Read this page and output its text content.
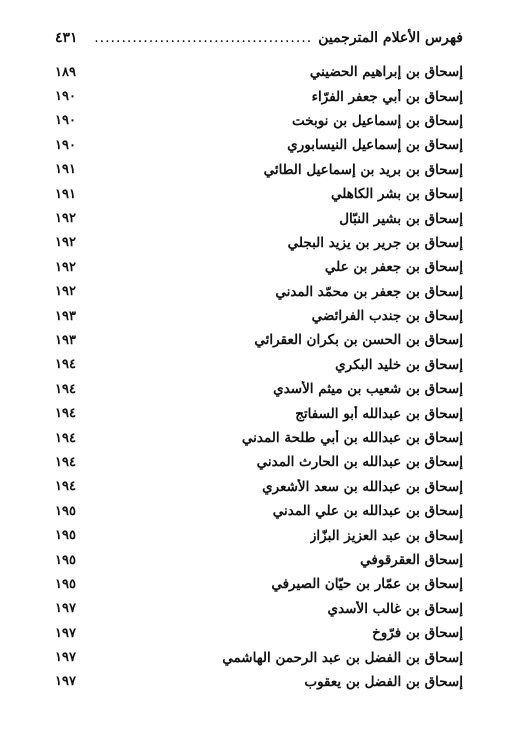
فهرس الأعلام المترجمين
........................................
٤٣١
إسحاق بن إبراهيم الحضيني
١٨٩
إسحاق بن أبي جعفر الفرّاء
١٩٠
إسحاق بن إسماعيل بن نوبخت
١٩٠
إسحاق بن إسماعيل النيسابوري
١٩٠
إسحاق بن بريد بن إسماعيل الطائي
١٩١
إسحاق بن بشر الكاهلي
١٩١
إسحاق بن بشير النبّال
١٩٢
إسحاق بن جرير بن يزيد البجلي
١٩٢
إسحاق بن جعفر بن علي
١٩٢
إسحاق بن جعفر بن محمّد المدني
١٩٢
إسحاق بن جندب الفرائضي
١٩٣
إسحاق بن الحسن بن بكران العقرائي
١٩٣
إسحاق بن خليد البكري
١٩٤
إسحاق بن شعيب بن ميثم الأسدي
١٩٤
إسحاق بن عبدالله أبو السفاتج
١٩٤
إسحاق بن عبدالله بن أبي طلحة المدني
١٩٤
إسحاق بن عبدالله بن الحارث المدني
١٩٤
إسحاق بن عبدالله بن سعد الأشعري
١٩٤
إسحاق بن عبدالله بن علي المدني
١٩٥
إسحاق بن عبد العزيز البزّاز
١٩٥
إسحاق العقرقوفي
١٩٥
إسحاق بن عمّار بن حيّان الصيرفي
١٩٥
إسحاق بن غالب الأسدي
١٩٧
إسحاق بن فرّوخ
١٩٧
إسحاق بن الفضل بن عبد الرحمن الهاشمي
١٩٧
إسحاق بن الفضل بن يعقوب
١٩٧
